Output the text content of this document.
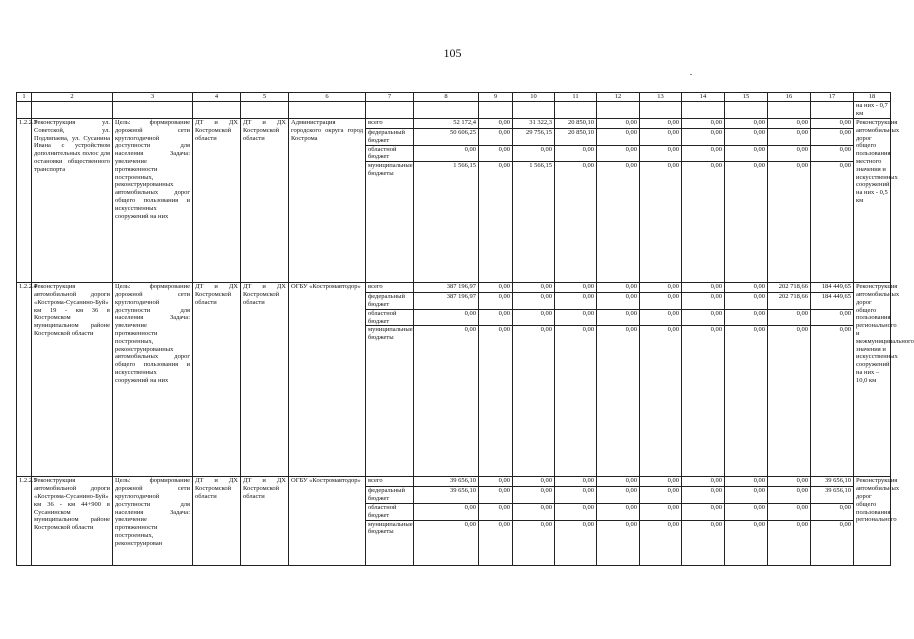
105
1	2	3	4	5	6	7	8	9	10	11	12	13	14	15	16	17	18
																	на них - 0,7 км
1.2.2.3	Реконструкция ул. Советской, ул. Подлипаева, ул. Сусанина Ивана с устройством дополнительных полос для остановки общественного транспорта	Цель: формирование дорожной сети круглогодичной доступности для населения Задача: увеличение протяженности построенных, реконструированных автомобильных дорог общего пользования и искусственных сооружений на них	ДТ и ДХ Костромской области	ДТ и ДХ Костромской области	Администрация городского округа город Кострома	всего	52 172,4	0,00	31 322,3	20 850,10	0,00	0,00	0,00	0,00	0,00	0,00	Реконструкция автомобильных дорог общего пользования местного значения и искусственных сооружений на них - 0,5 км
						федеральный бюджет	50 606,25	0,00	29 756,15	20 850,10	0,00	0,00	0,00	0,00	0,00	0,00	
						областной бюджет	0,00	0,00	0,00	0,00	0,00	0,00	0,00	0,00	0,00	0,00	
						муниципальные бюджеты	1 566,15	0,00	1 566,15	0,00	0,00	0,00	0,00	0,00	0,00	0,00	
1.2.2.4	Реконструкция автомобильной дороги «Кострома-Сусанино-Буй» км 19 - км 36 в Костромском муниципальном районе Костромской области	Цель: формирование дорожной сети круглогодичной доступности для населения Задача: увеличение протяженности построенных, реконструированных автомобильных дорог общего пользования и искусственных сооружений на них	ДТ и ДХ Костромской области	ДТ и ДХ Костромской области	ОГБУ «Костромавтодор»	всего	387 196,97	0,00	0,00	0,00	0,00	0,00	0,00	0,00	202 718,66	184 449,65	Реконструкция автомобильных дорог общего пользования регионального и межмуниципального значения и искусственных сооружений на них – 10,0 км
						федеральный бюджет	387 196,97	0,00	0,00	0,00	0,00	0,00	0,00	0,00	202 718,66	184 449,65	
						областной бюджет	0,00	0,00	0,00	0,00	0,00	0,00	0,00	0,00	0,00	0,00	
						муниципальные бюджеты	0,00	0,00	0,00	0,00	0,00	0,00	0,00	0,00	0,00	0,00	
1.2.2.5	Реконструкция автомобильной дороги «Кострома-Сусанино-Буй» км 36 - км 44+900 в Сусанинском муниципальном районе Костромской области	Цель: формирование дорожной сети круглогодичной доступности для населения Задача: увеличение протяженности построенных, реконструирован	ДТ и ДХ Костромской области	ДТ и ДХ Костромской области	ОГБУ «Костромавтодор»	всего	39 656,10	0,00	0,00	0,00	0,00	0,00	0,00	0,00	0,00	39 656,10	Реконструкция автомобильных дорог общего пользования регионального
						федеральный бюджет	39 656,10	0,00	0,00	0,00	0,00	0,00	0,00	0,00	0,00	39 656,10	
						областной бюджет	0,00	0,00	0,00	0,00	0,00	0,00	0,00	0,00	0,00	0,00	
						муниципальные бюджеты	0,00	0,00	0,00	0,00	0,00	0,00	0,00	0,00	0,00	0,00	
